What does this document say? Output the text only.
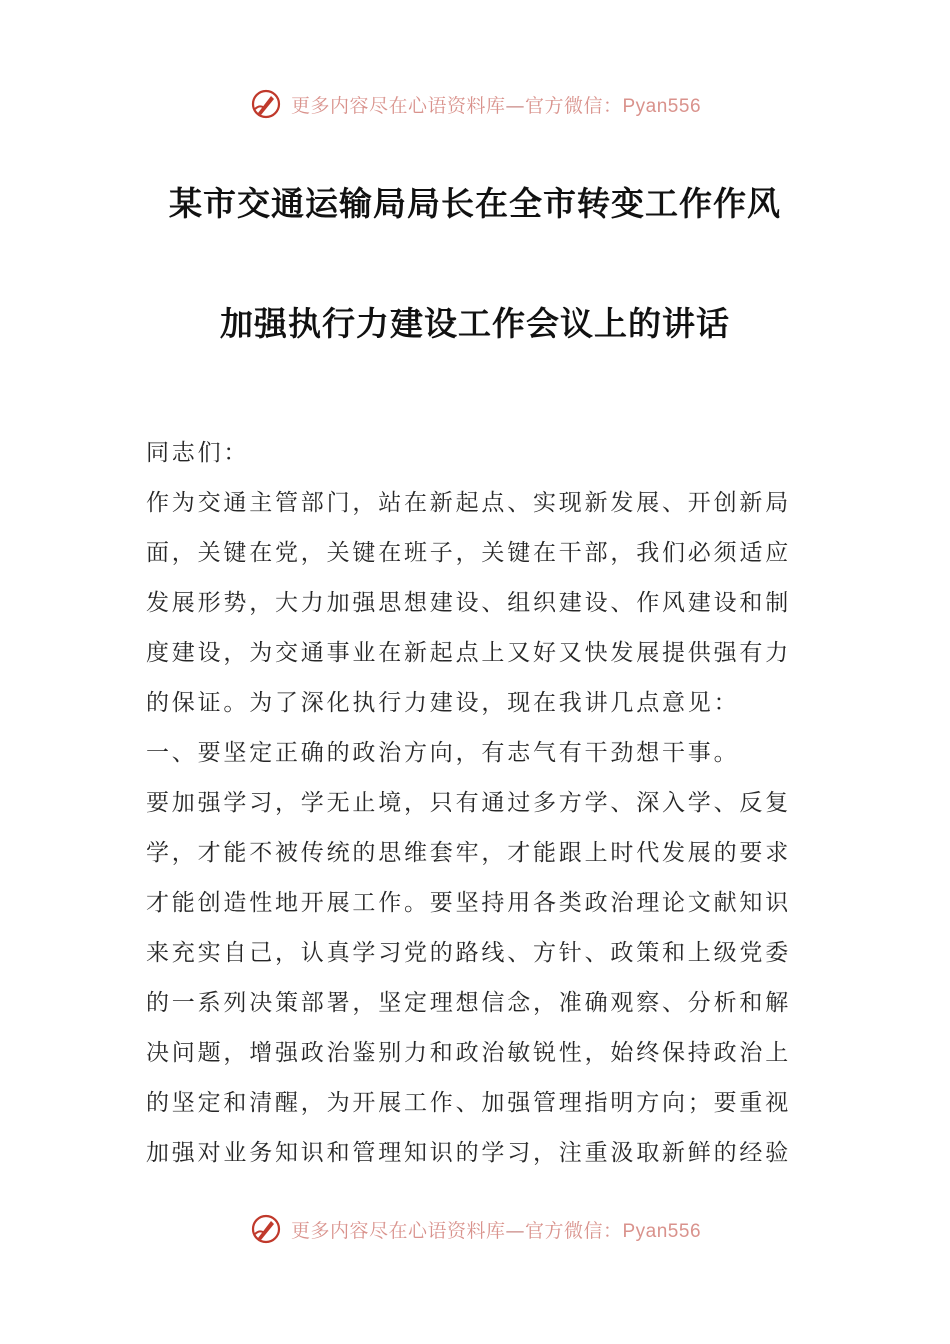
更多内容尽在心语资料库—官方微信：Pyan556
某市交通运输局局长在全市转变工作作风
加强执行力建设工作会议上的讲话
同志们：
作为交通主管部门，站在新起点、实现新发展、开创新局
面，关键在党，关键在班子，关键在干部，我们必须适应
发展形势，大力加强思想建设、组织建设、作风建设和制
度建设，为交通事业在新起点上又好又快发展提供强有力
的保证。为了深化执行力建设，现在我讲几点意见：
一、要坚定正确的政治方向，有志气有干劲想干事。
要加强学习，学无止境，只有通过多方学、深入学、反复
学，才能不被传统的思维套牢，才能跟上时代发展的要求
才能创造性地开展工作。要坚持用各类政治理论文献知识
来充实自己，认真学习党的路线、方针、政策和上级党委
的一系列决策部署，坚定理想信念，准确观察、分析和解
决问题，增强政治鉴别力和政治敏锐性，始终保持政治上
的坚定和清醒，为开展工作、加强管理指明方向；要重视
加强对业务知识和管理知识的学习，注重汲取新鲜的经验
更多内容尽在心语资料库—官方微信：Pyan556
